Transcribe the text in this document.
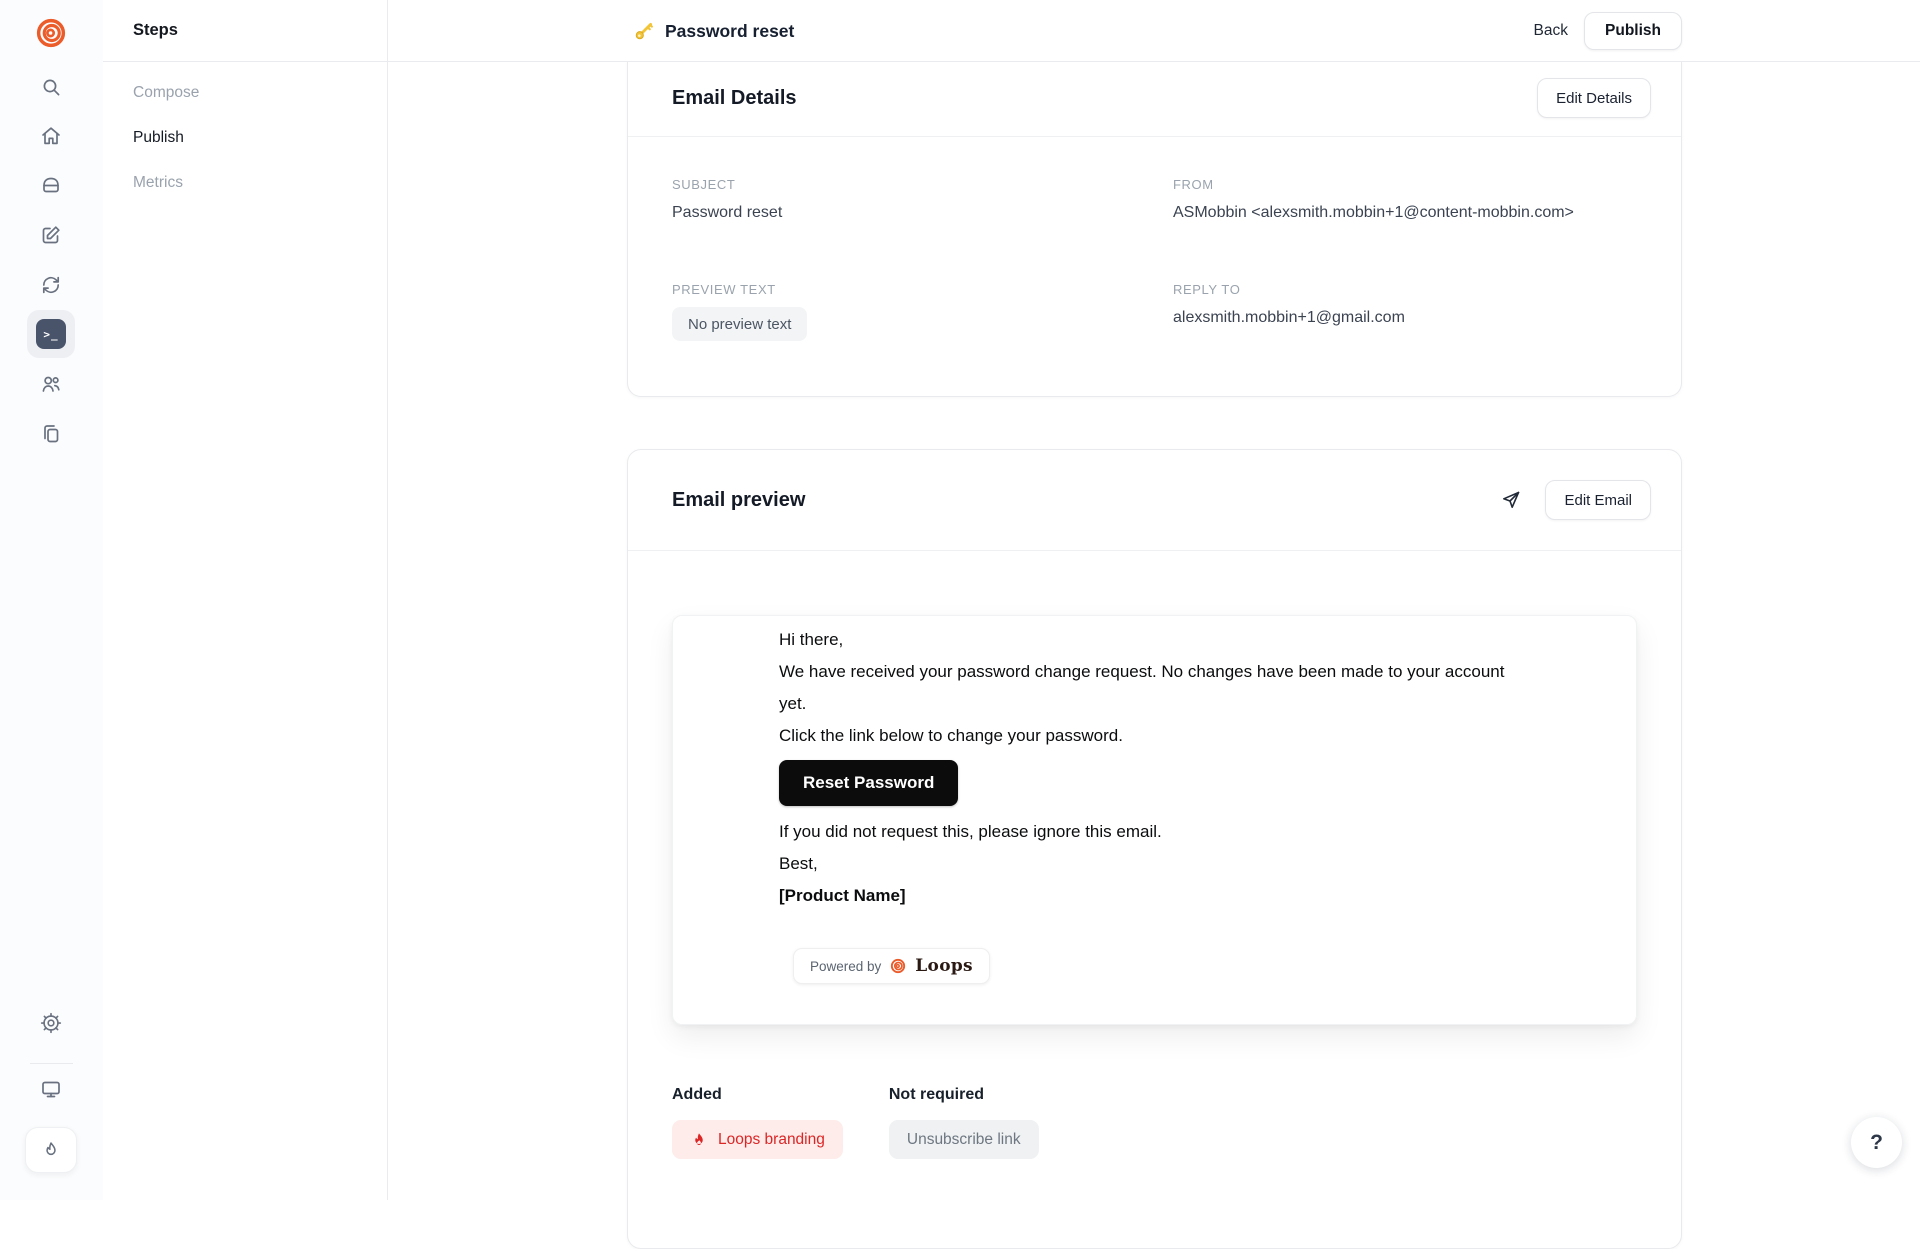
>_
Steps
Compose
Publish
Metrics
Password reset	Back	Publish
Email Details	Edit Details
SUBJECT
Password reset
FROM
ASMobbin <alexsmith.mobbin+1@content-mobbin.com>
PREVIEW TEXT
No preview text
REPLY TO
alexsmith.mobbin+1@gmail.com
Email preview	Edit Email
Hi there,
We have received your password change request. No changes have been made to your account
yet.
Click the link below to change your password.
Reset Password
If you did not request this, please ignore this email.
Best,
[Product Name]
Powered by Loops
Added
Loops branding
Not required
Unsubscribe link	?
